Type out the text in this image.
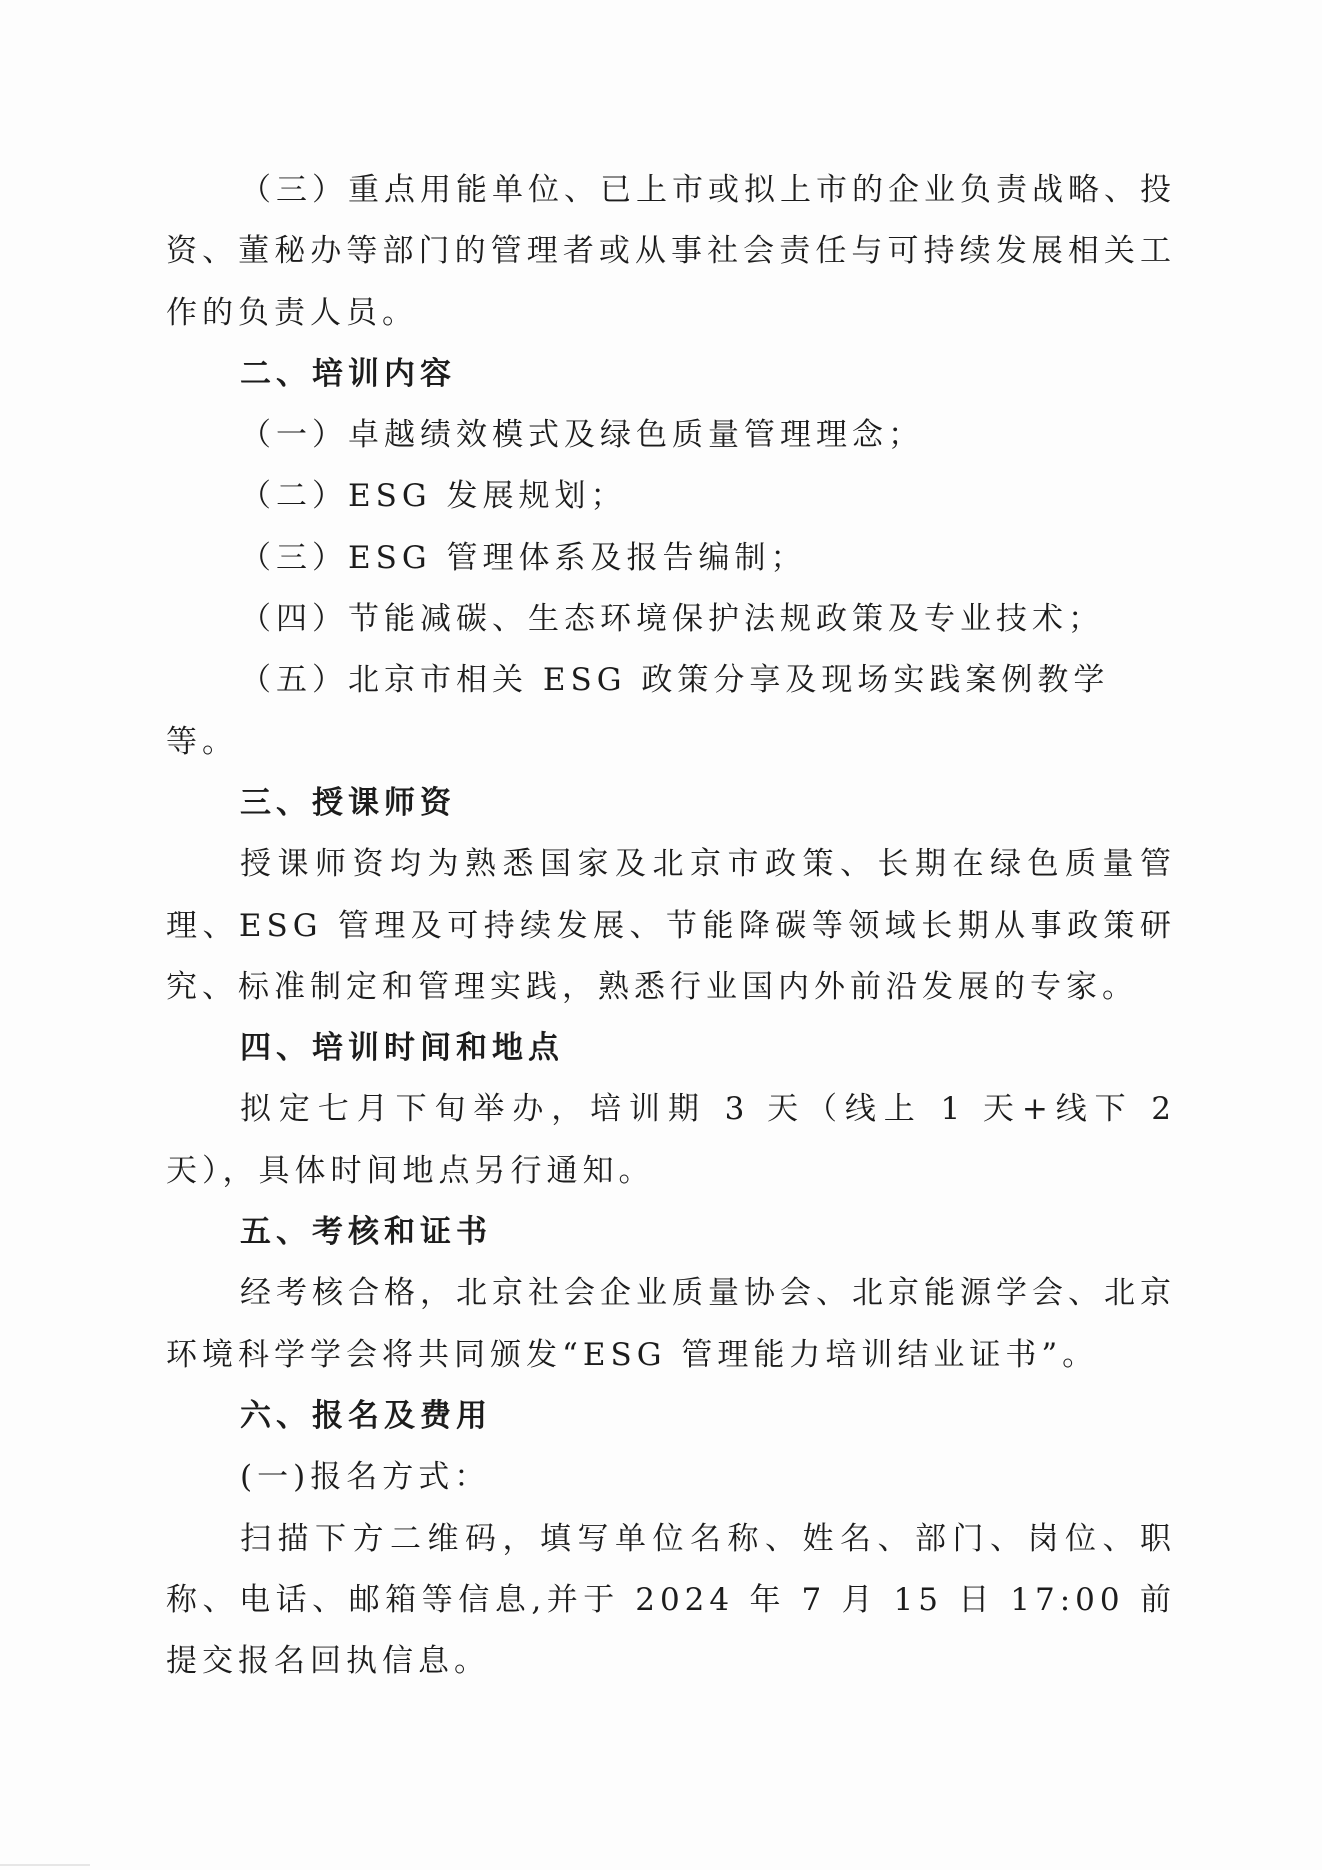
（三）重点用能单位、已上市或拟上市的企业负责战略、投资、董秘办等部门的管理者或从事社会责任与可持续发展相关工作的负责人员。

二、培训内容

（一）卓越绩效模式及绿色质量管理理念；

（二）ESG 发展规划；

（三）ESG 管理体系及报告编制；

（四）节能减碳、生态环境保护法规政策及专业技术；

（五）北京市相关 ESG 政策分享及现场实践案例教学等。

三、授课师资

授课师资均为熟悉国家及北京市政策、长期在绿色质量管理、ESG 管理及可持续发展、节能降碳等领域长期从事政策研究、标准制定和管理实践，熟悉行业国内外前沿发展的专家。

四、培训时间和地点

拟定七月下旬举办，培训期 3 天（线上 1 天+线下 2 天），具体时间地点另行通知。

五、考核和证书

经考核合格，北京社会企业质量协会、北京能源学会、北京环境科学学会将共同颁发“ESG 管理能力培训结业证书”。

六、报名及费用

(一)报名方式：

扫描下方二维码，填写单位名称、姓名、部门、岗位、职称、电话、邮箱等信息,并于 2024 年 7 月 15 日 17:00 前提交报名回执信息。
